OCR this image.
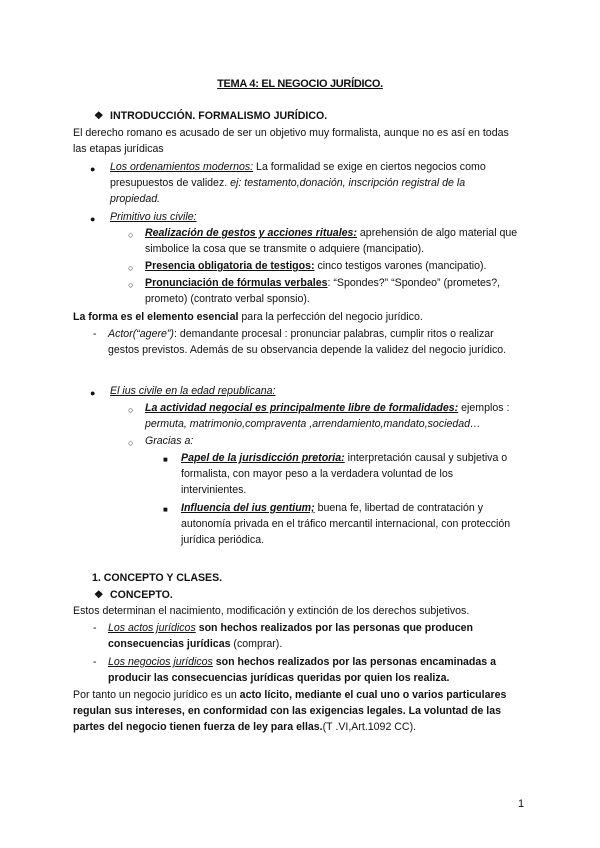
TEMA 4: EL NEGOCIO JURÍDICO.
❖ INTRODUCCIÓN. FORMALISMO JURÍDICO.

El derecho romano es acusado de ser un objetivo muy formalista, aunque no es así en todas las etapas jurídicas

● Los ordenamientos modernos: La formalidad se exige en ciertos negocios como presupuestos de validez. ej: testamento,donación, inscripción registral de la propiedad.

● Primitivo ius civile:

○ Realización de gestos y acciones rituales: aprehensión de algo material que simbolice la cosa que se transmite o adquiere (mancipatio).

○ Presencia obligatoria de testigos: cinco testigos varones (mancipatio).

○ Pronunciación de fórmulas verbales: “Spondes?” “Spondeo” (prometes?, prometo) (contrato verbal sponsio).

La forma es el elemento esencial para la perfección del negocio jurídico.

- Actor(“agere”): demandante procesal : pronunciar palabras, cumplir ritos o realizar gestos previstos. Además de su observancia depende la validez del negocio jurídico.

● El ius civile en la edad republicana:

○ La actividad negocial es principalmente libre de formalidades: ejemplos :
permuta, matrimonio,compraventa ,arrendamiento,mandato,sociedad…

○ Gracias a:

■ Papel de la jurisdicción pretoria: interpretación causal y subjetiva o formalista, con mayor peso a la verdadera voluntad de los intervinientes.

■ Influencia del ius gentium; buena fe, libertad de contratación y autonomía privada en el tráfico mercantil internacional, con protección jurídica periódica.

1. CONCEPTO Y CLASES.

❖ CONCEPTO.

Estos determinan el nacimiento, modificación y extinción de los derechos subjetivos.

- Los actos jurídicos son hechos realizados por las personas que producen consecuencias jurídicas (comprar).

- Los negocios jurídicos son hechos realizados por las personas encaminadas a producir las consecuencias jurídicas queridas por quien los realiza.

Por tanto un negocio jurídico es un acto lícito, mediante el cual uno o varios particulares regulan sus intereses, en conformidad con las exigencias legales. La voluntad de las partes del negocio tienen fuerza de ley para ellas.(T .VI,Art.1092 CC).

1
